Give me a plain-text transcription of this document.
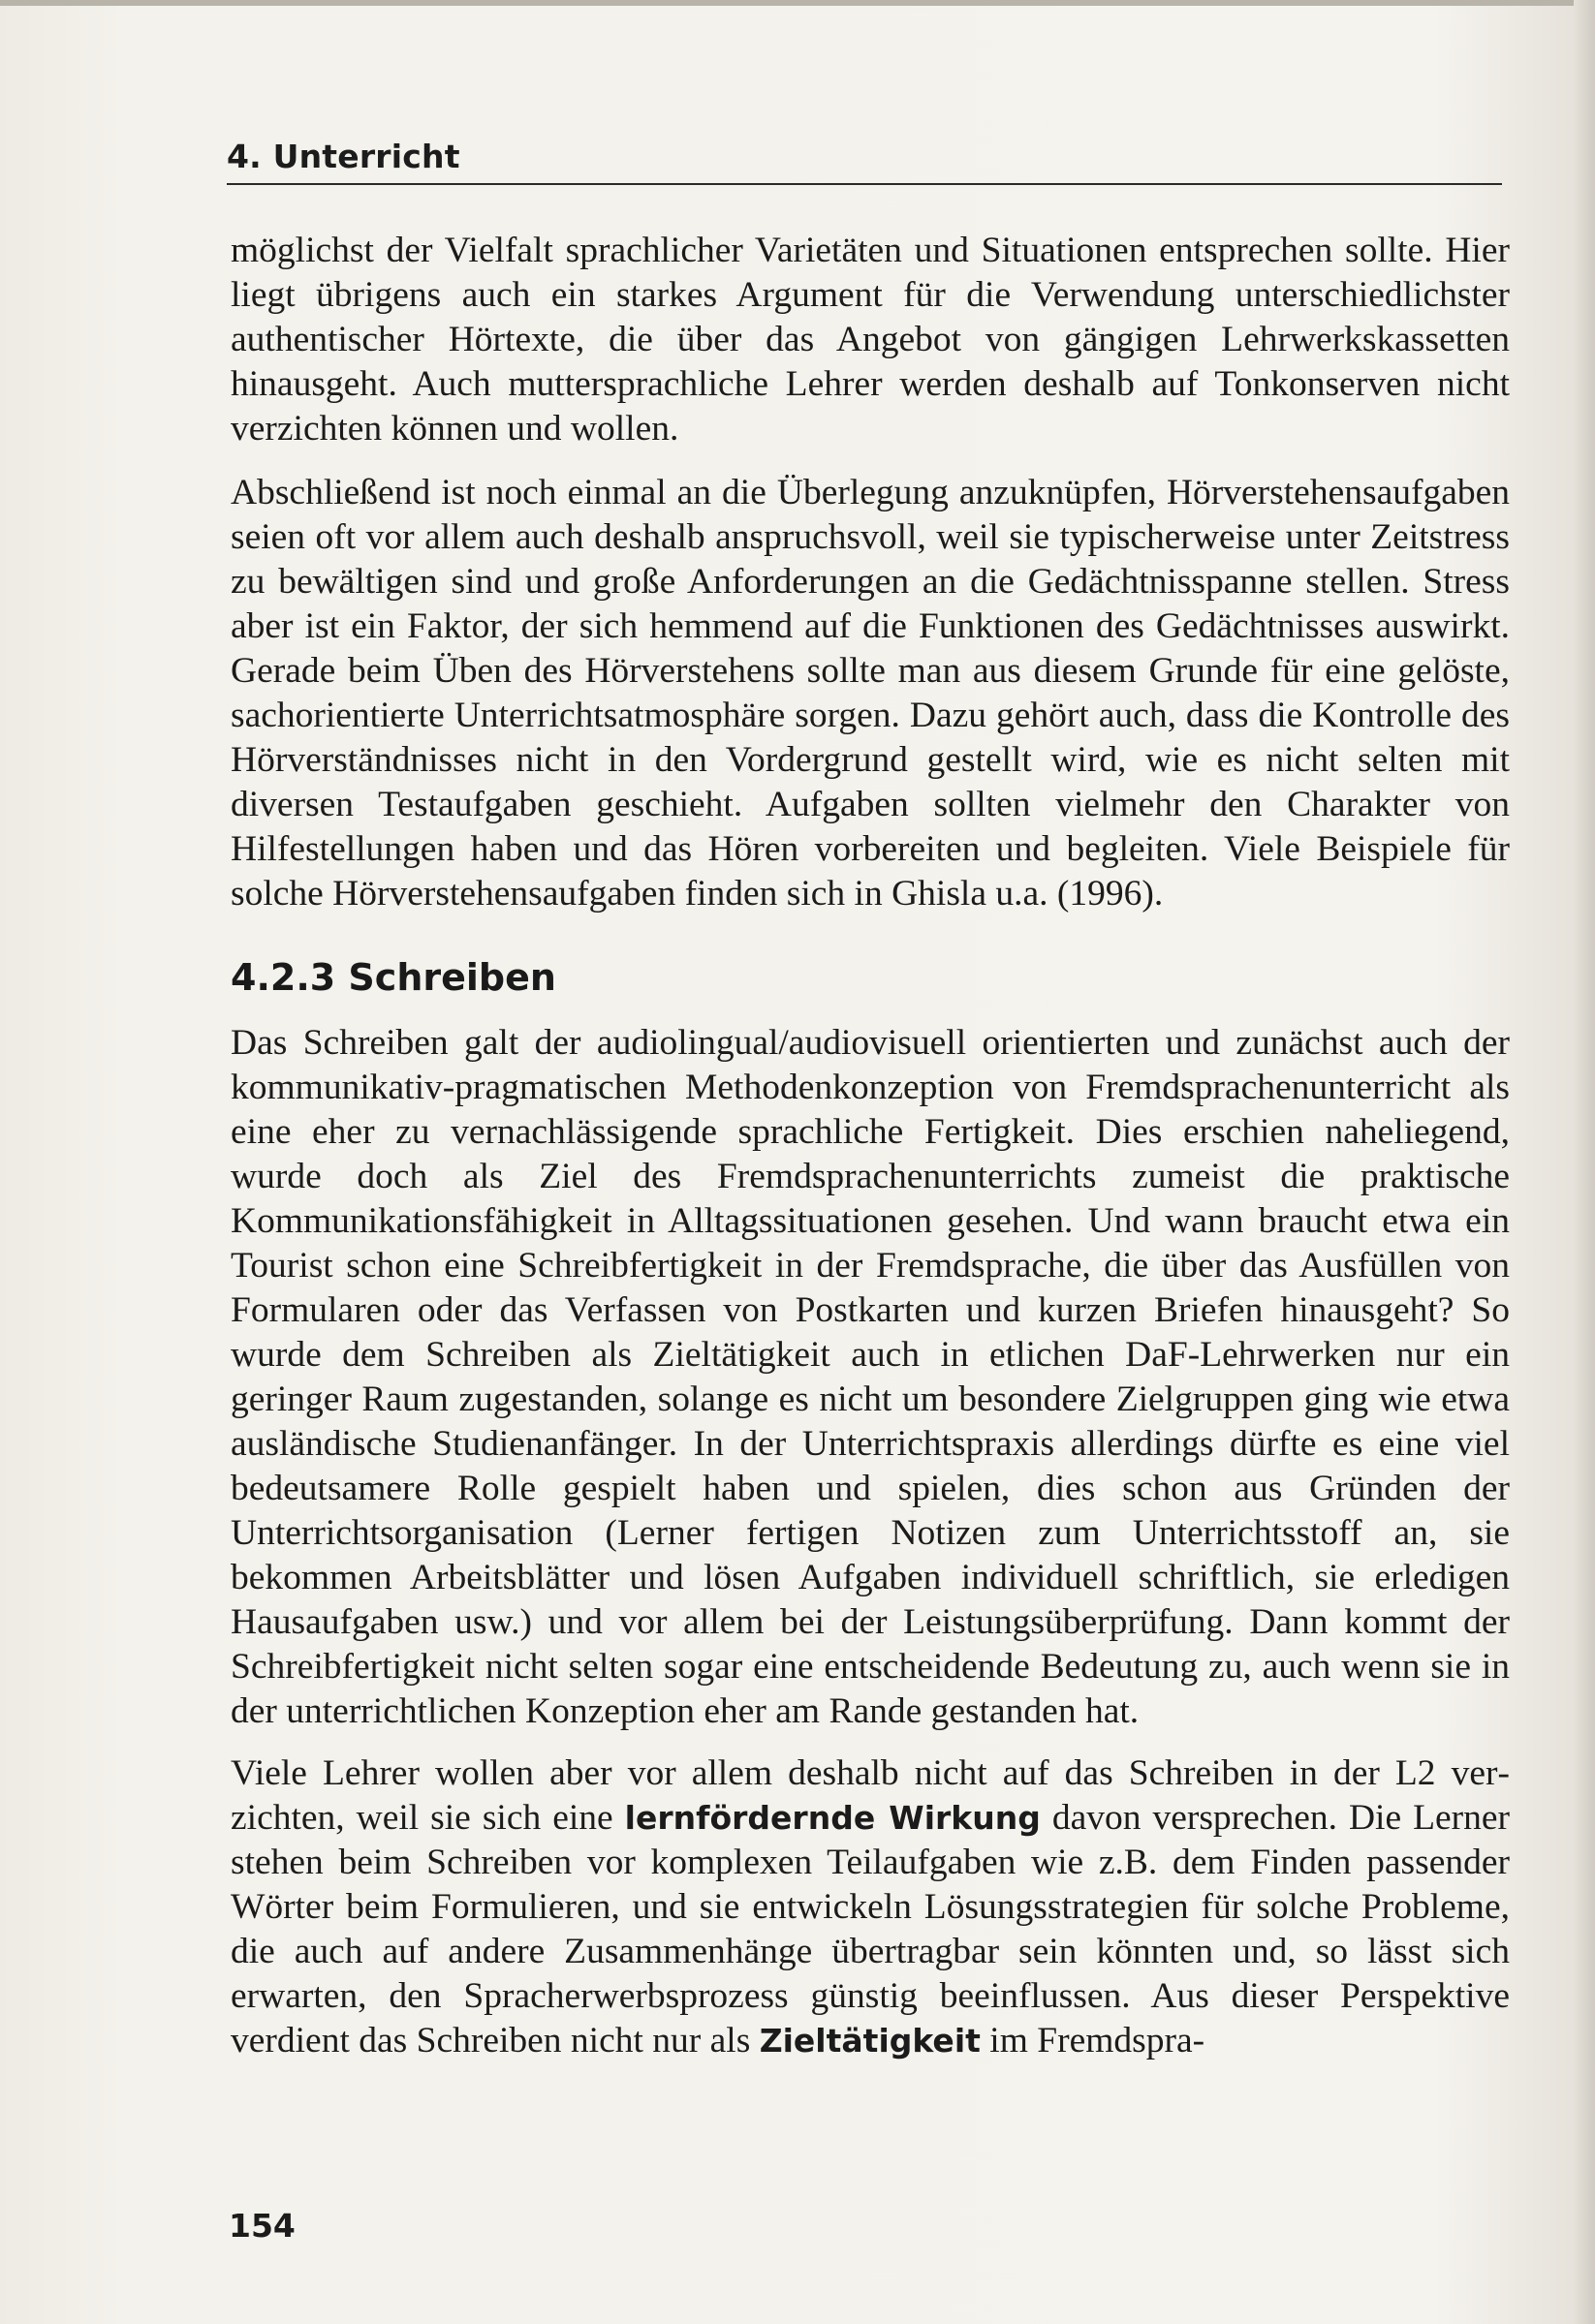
4. Unterricht

möglichst der Vielfalt sprachlicher Varietäten und Situationen entsprechen sollte. Hier liegt übrigens auch ein starkes Argument für die Verwendung unterschiedlichster authentischer Hörtexte, die über das Angebot von gängigen Lehrwerkskassetten hinausgeht. Auch muttersprachliche Lehrer werden deshalb auf Tonkonserven nicht verzichten können und wollen.

Abschließend ist noch einmal an die Überlegung anzuknüpfen, Hörverstehensaufgaben seien oft vor allem auch deshalb anspruchsvoll, weil sie typischerweise unter Zeitstress zu bewältigen sind und große Anforderungen an die Gedächtnisspanne stellen. Stress aber ist ein Faktor, der sich hemmend auf die Funktionen des Gedächtnisses auswirkt. Gerade beim Üben des Hörverstehens sollte man aus diesem Grunde für eine gelöste, sachorientierte Unterrichtsatmosphäre sorgen. Dazu gehört auch, dass die Kontrolle des Hörverständnisses nicht in den Vordergrund gestellt wird, wie es nicht selten mit diversen Testaufgaben geschieht. Aufgaben sollten vielmehr den Charakter von Hilfestellungen haben und das Hören vorbereiten und begleiten. Viele Beispiele für solche Hörverstehensaufgaben finden sich in Ghisla u.a. (1996).

4.2.3 Schreiben

Das Schreiben galt der audiolingual/audiovisuell orientierten und zunächst auch der kommunikativ-pragmatischen Methodenkonzeption von Fremdsprachenunterricht als eine eher zu vernachlässigende sprachliche Fertigkeit. Dies erschien naheliegend, wurde doch als Ziel des Fremdsprachenunterrichts zumeist die praktische Kommunikationsfähigkeit in Alltagssituationen gesehen. Und wann braucht etwa ein Tourist schon eine Schreibfertigkeit in der Fremdsprache, die über das Ausfüllen von Formularen oder das Verfassen von Postkarten und kurzen Briefen hinausgeht? So wurde dem Schreiben als Zieltätigkeit auch in etlichen DaF-Lehrwerken nur ein geringer Raum zugestanden, solange es nicht um besondere Zielgruppen ging wie etwa ausländische Studienanfänger. In der Unterrichtspraxis allerdings dürfte es eine viel bedeutsamere Rolle gespielt haben und spielen, dies schon aus Gründen der Unterrichtsorganisation (Lerner fertigen Notizen zum Unterrichtsstoff an, sie bekommen Arbeitsblätter und lösen Aufgaben individuell schriftlich, sie erledigen Hausaufgaben usw.) und vor allem bei der Leistungsüberprüfung. Dann kommt der Schreibfertigkeit nicht selten sogar eine entscheidende Bedeutung zu, auch wenn sie in der unterrichtlichen Konzeption eher am Rande gestanden hat.

Viele Lehrer wollen aber vor allem deshalb nicht auf das Schreiben in der L2 verzichten, weil sie sich eine lernfördernde Wirkung davon versprechen. Die Lerner stehen beim Schreiben vor komplexen Teilaufgaben wie z.B. dem Finden passender Wörter beim Formulieren, und sie entwickeln Lösungsstrategien für solche Probleme, die auch auf andere Zusammenhänge übertragbar sein könnten und, so lässt sich erwarten, den Spracherwerbsprozess günstig beeinflussen. Aus dieser Perspektive verdient das Schreiben nicht nur als Zieltätigkeit im Fremdspra-

154
